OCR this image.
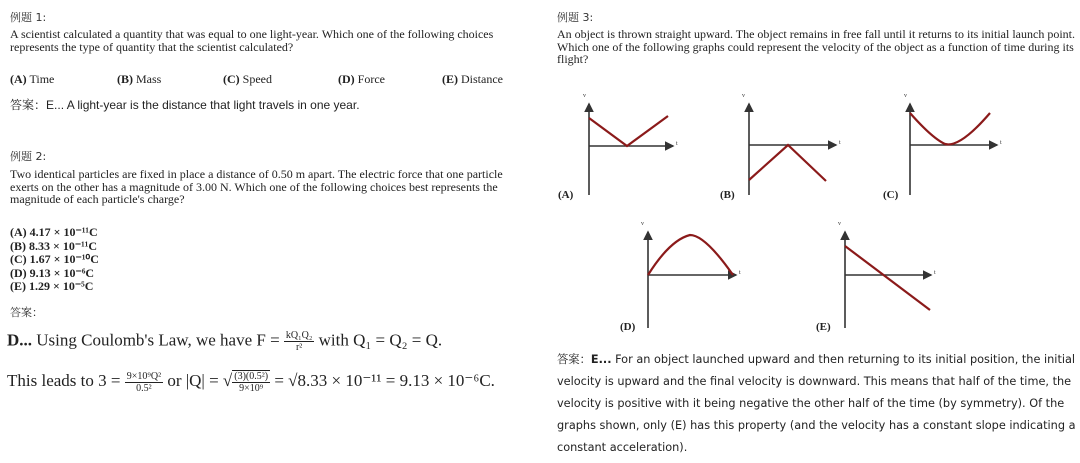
例题 1:
A scientist calculated a quantity that was equal to one light-year. Which one of the following choices represents the type of quantity that the scientist calculated?
(A) Time	(B) Mass	(C) Speed	(D) Force	(E) Distance
答案：E... A light-year is the distance that light travels in one year.
例题 2:
Two identical particles are fixed in place a distance of 0.50 m apart. The electric force that one particle exerts on the other has a magnitude of 3.00 N. Which one of the following choices best represents the magnitude of each particle's charge?
(A) 4.17 × 10⁻¹¹C
(B) 8.33 × 10⁻¹¹C
(C) 1.67 × 10⁻¹⁰C
(D) 9.13 × 10⁻⁶C
(E) 1.29 × 10⁻⁵C
答案：
D... Using Coulomb's Law, we have $F = \frac{\text{kQ₁Q₂}}{\text{r²}}$ with Q₁ = Q₂ = Q.
This leads to $3 = \frac{\text{9×10⁹Q²}}{\text{0.5²}}$ or |Q| = √ $\frac{\text{(3)(0.5²)}}{\text{9×10⁹}} = √8.33 \times 10^{-11} = 9.13 \times 10^{-6}C$.
例题 3:
An object is thrown straight upward. The object remains in free fall until it returns to its initial launch point. Which one of the following graphs could represent the velocity of the object as a function of time during its flight?
(A)	(B)	(C)
(D)	(E)
v
t
v
t
v
t
v
t
v
t
答案：E... For an object launched upward and then returning to its initial position, the initial velocity is upward and the final velocity is downward. This means that half of the time, the velocity is positive with it being negative the other half of the time (by symmetry). Of the graphs shown, only (E) has this property (and the velocity has a constant slope indicating a constant acceleration).
